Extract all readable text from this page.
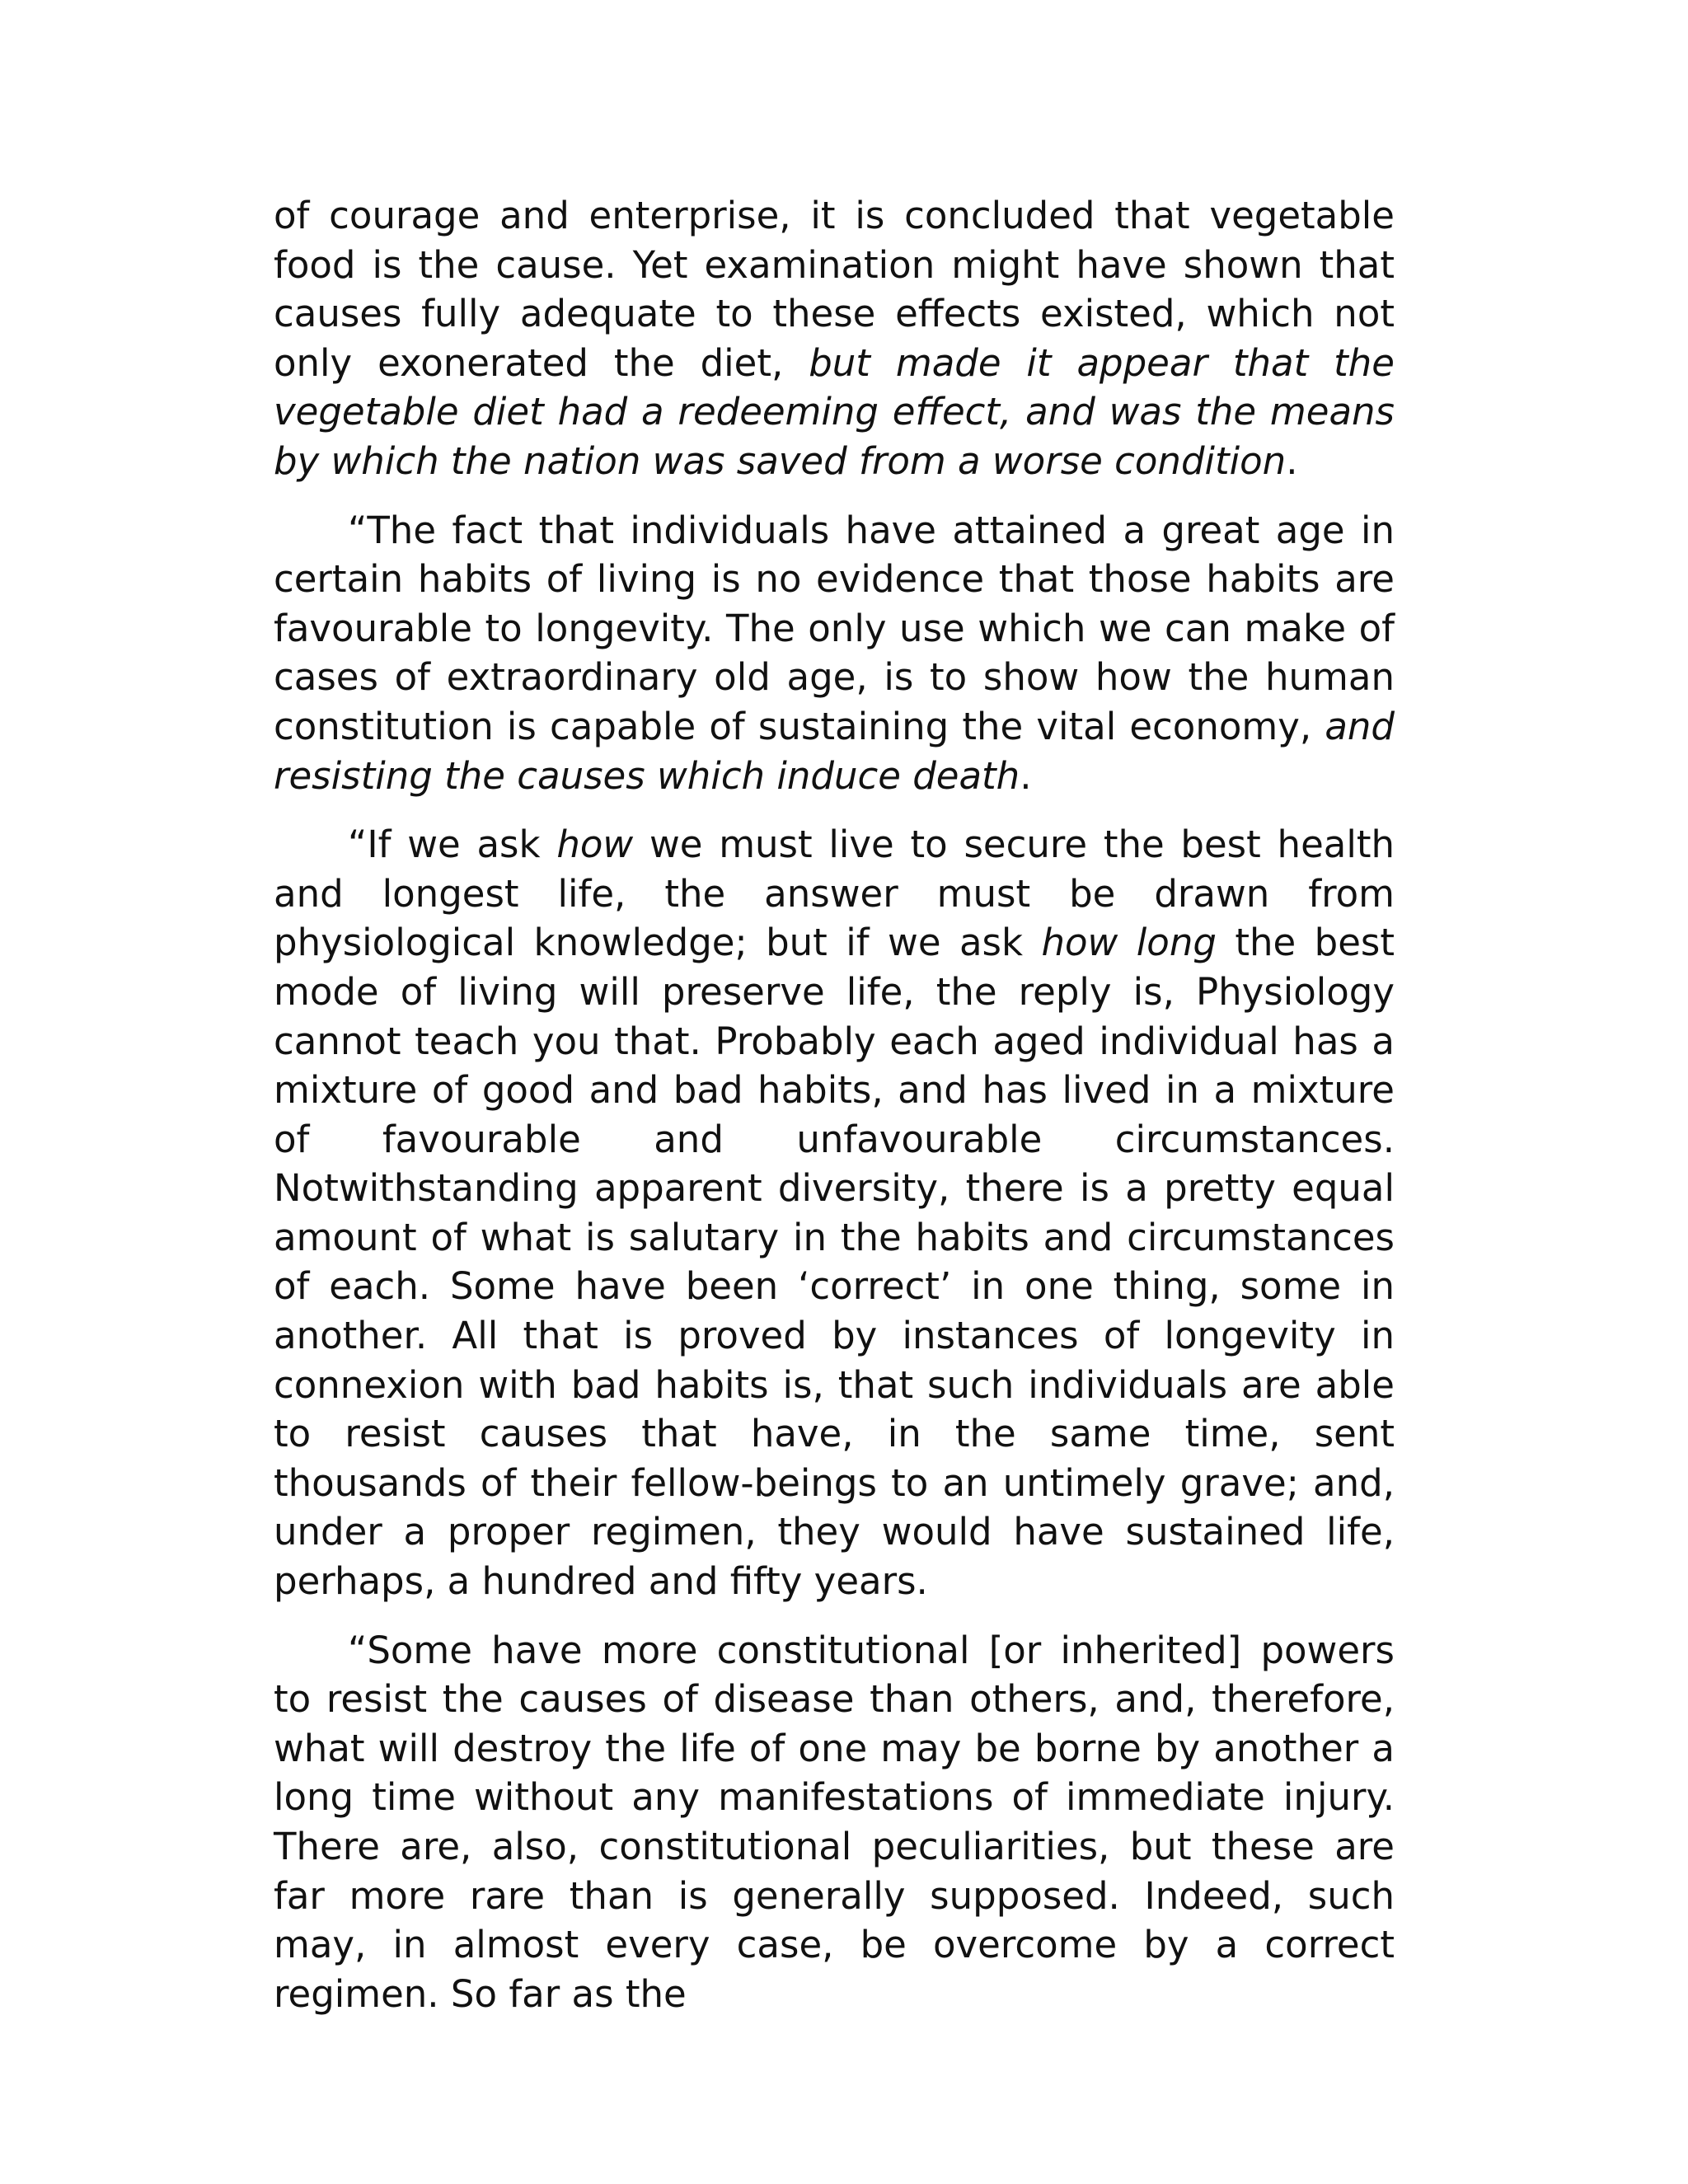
of courage and enterprise, it is concluded that vegetable food is the cause. Yet examination might have shown that causes fully adequate to these effects existed, which not only exonerated the diet, but made it appear that the vegetable diet had a redeeming effect, and was the means by which the nation was saved from a worse condition.

“The fact that individuals have attained a great age in certain habits of living is no evidence that those habits are favourable to longevity. The only use which we can make of cases of extraordinary old age, is to show how the human constitution is capable of sustaining the vital economy, and resisting the causes which induce death.

“If we ask how we must live to secure the best health and longest life, the answer must be drawn from physiological knowledge; but if we ask how long the best mode of living will preserve life, the reply is, Physiology cannot teach you that. Probably each aged individual has a mixture of good and bad habits, and has lived in a mixture of favourable and unfavourable circumstances. Notwithstanding apparent diversity, there is a pretty equal amount of what is salutary in the habits and circumstances of each. Some have been ‘correct’ in one thing, some in another. All that is proved by instances of longevity in connexion with bad habits is, that such individuals are able to resist causes that have, in the same time, sent thousands of their fellow-beings to an untimely grave; and, under a proper regimen, they would have sustained life, perhaps, a hundred and fifty years.

“Some have more constitutional [or inherited] powers to resist the causes of disease than others, and, therefore, what will destroy the life of one may be borne by another a long time without any manifestations of immediate injury. There are, also, constitutional peculiarities, but these are far more rare than is generally supposed. Indeed, such may, in almost every case, be overcome by a correct regimen. So far as the
